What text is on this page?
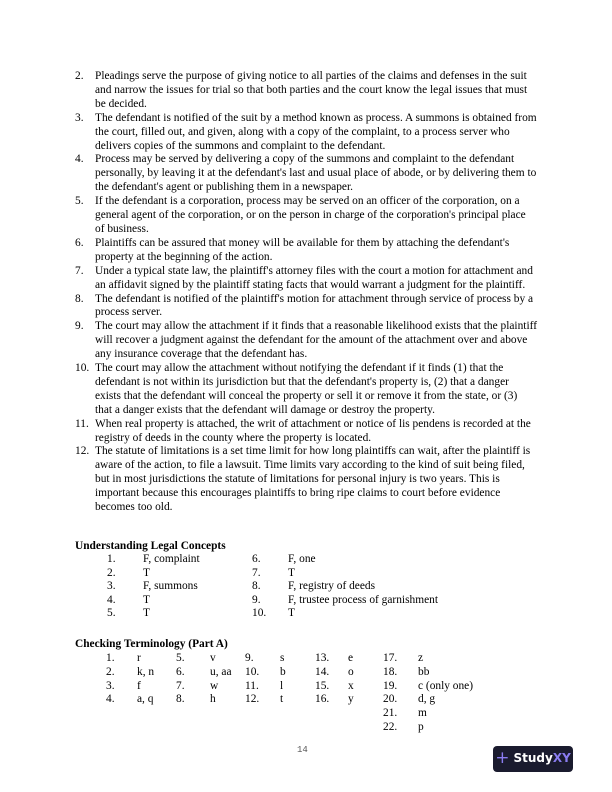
2. Pleadings serve the purpose of giving notice to all parties of the claims and defenses in the suit and narrow the issues for trial so that both parties and the court know the legal issues that must be decided.
3. The defendant is notified of the suit by a method known as process. A summons is obtained from the court, filled out, and given, along with a copy of the complaint, to a process server who delivers copies of the summons and complaint to the defendant.
4. Process may be served by delivering a copy of the summons and complaint to the defendant personally, by leaving it at the defendant's last and usual place of abode, or by delivering them to the defendant's agent or publishing them in a newspaper.
5. If the defendant is a corporation, process may be served on an officer of the corporation, on a general agent of the corporation, or on the person in charge of the corporation's principal place of business.
6. Plaintiffs can be assured that money will be available for them by attaching the defendant's property at the beginning of the action.
7. Under a typical state law, the plaintiff's attorney files with the court a motion for attachment and an affidavit signed by the plaintiff stating facts that would warrant a judgment for the plaintiff.
8. The defendant is notified of the plaintiff's motion for attachment through service of process by a process server.
9. The court may allow the attachment if it finds that a reasonable likelihood exists that the plaintiff will recover a judgment against the defendant for the amount of the attachment over and above any insurance coverage that the defendant has.
10. The court may allow the attachment without notifying the defendant if it finds (1) that the defendant is not within its jurisdiction but that the defendant's property is, (2) that a danger exists that the defendant will conceal the property or sell it or remove it from the state, or (3) that a danger exists that the defendant will damage or destroy the property.
11. When real property is attached, the writ of attachment or notice of lis pendens is recorded at the registry of deeds in the county where the property is located.
12. The statute of limitations is a set time limit for how long plaintiffs can wait, after the plaintiff is aware of the action, to file a lawsuit. Time limits vary according to the kind of suit being filed, but in most jurisdictions the statute of limitations for personal injury is two years. This is important because this encourages plaintiffs to bring ripe claims to court before evidence becomes too old.
Understanding Legal Concepts
1. F, complaint
2. T
3. F, summons
4. T
5. T
6. F, one
7. T
8. F, registry of deeds
9. F, trustee process of garnishment
10. T
Checking Terminology (Part A)
1. r
2. k, n
3. f
4. a, q
5. v
6. u, aa
7. w
8. h
9. s
10. b
11. l
12. t
13. e
14. o
15. x
16. y
17. z
18. bb
19. c (only one)
20. d, g
21. m
22. p
14	+ Study XY
